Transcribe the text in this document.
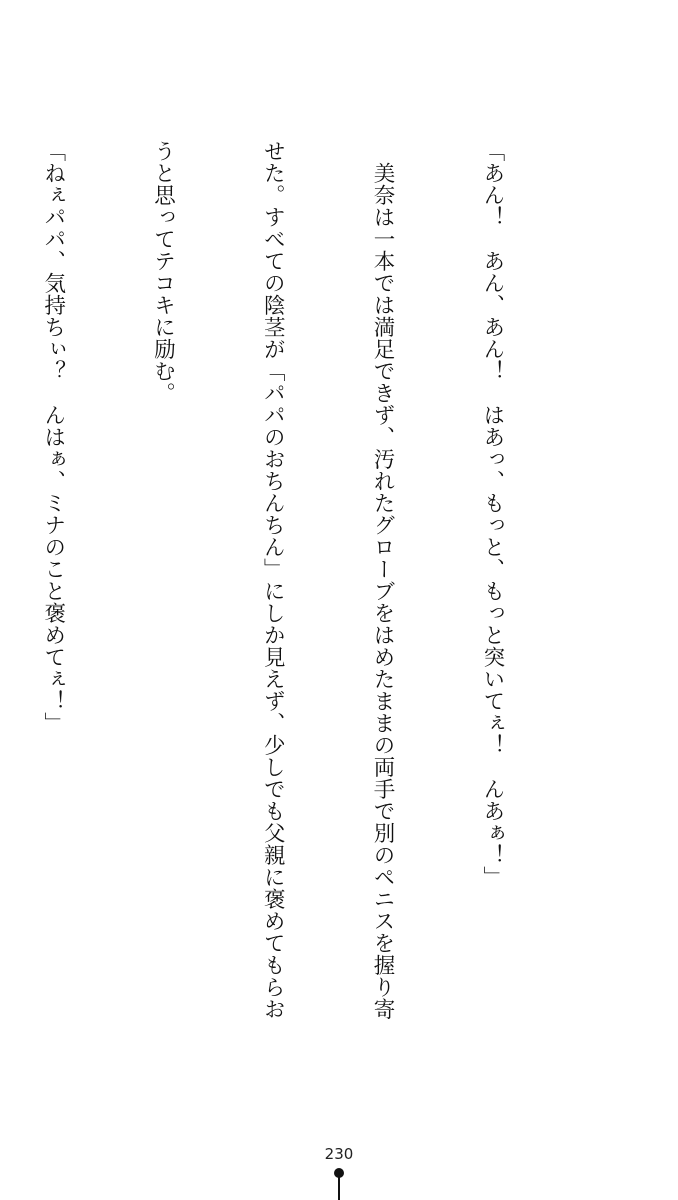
「あん！　あん、あん！　はあっ、もっと、もっと突いてぇ！　んあぁ！」

　美奈は一本では満足できず、汚れたグローブをはめたままの両手で別のペニスを握り寄

せた。すべての陰茎が「パパのおちんちん」にしか見えず、少しでも父親に褒めてもらお

うと思ってテコキに励む。

「ねぇパパ、気持ちぃ？　んはぁ、ミナのこと褒めてぇ！」

230
